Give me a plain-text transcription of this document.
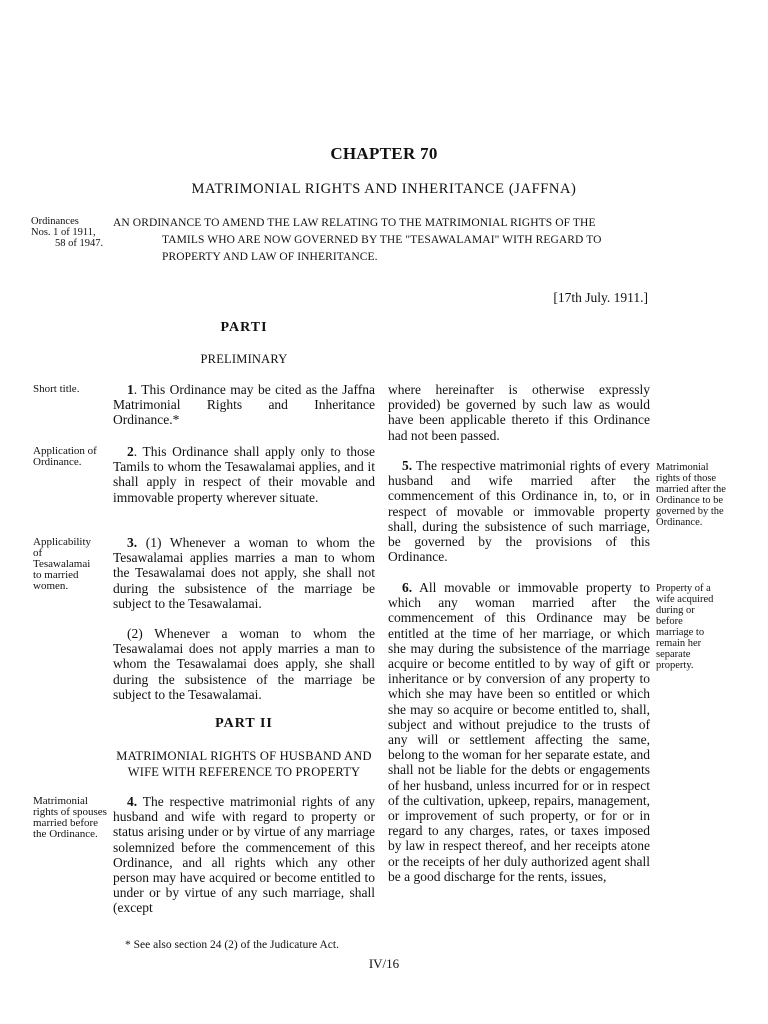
CHAPTER 70
MATRIMONIAL RIGHTS AND INHERITANCE (JAFFNA)
Ordinances
Nos. 1 of 1911,
58 of 1947.
AN ORDINANCE TO AMEND THE LAW RELATING TO THE MATRIMONIAL RIGHTS OF THE
TAMILS WHO ARE NOW GOVERNED BY THE "TESAWALAMAI" WITH REGARD TO
PROPERTY AND LAW OF INHERITANCE.
[17th July. 1911.]
PARTI
PRELIMINARY
Short title.
Application of Ordinance.
Applicability of Tesawalamai to married women.
Matrimonial rights of spouses married before the Ordinance.
Matrimonial rights of those married after the Ordinance to be governed by the Ordinance.
Property of a wife acquired during or before marriage to remain her separate property.
1. This Ordinance may be cited as the Jaffna Matrimonial Rights and Inheritance Ordinance.*
2. This Ordinance shall apply only to those Tamils to whom the Tesawalamai applies, and it shall apply in respect of their movable and immovable property wherever situate.
3. (1) Whenever a woman to whom the Tesawalamai applies marries a man to whom the Tesawalamai does not apply, she shall not during the subsistence of the marriage be subject to the Tesawalamai.
(2) Whenever a woman to whom the Tesawalamai does not apply marries a man to whom the Tesawalamai does apply, she shall during the subsistence of the marriage be subject to the Tesawalamai.
PART II
MATRIMONIAL RIGHTS OF HUSBAND AND WIFE WITH REFERENCE TO PROPERTY
4. The respective matrimonial rights of any husband and wife with regard to property or status arising under or by virtue of any marriage solemnized before the commencement of this Ordinance, and all rights which any other person may have acquired or become entitled to under or by virtue of any such marriage, shall (except
where hereinafter is otherwise expressly provided) be governed by such law as would have been applicable thereto if this Ordinance had not been passed.
5. The respective matrimonial rights of every husband and wife married after the commencement of this Ordinance in, to, or in respect of movable or immovable property shall, during the subsistence of such marriage, be governed by the provisions of this Ordinance.
6. All movable or immovable property to which any woman married after the commencement of this Ordinance may be entitled at the time of her marriage, or which she may during the subsistence of the marriage acquire or become entitled to by way of gift or inheritance or by conversion of any property to which she may have been so entitled or which she may so acquire or become entitled to, shall, subject and without prejudice to the trusts of any will or settlement affecting the same, belong to the woman for her separate estate, and shall not be liable for the debts or engagements of her husband, unless incurred for or in respect of the cultivation, upkeep, repairs, management, or improvement of such property, or for or in regard to any charges, rates, or taxes imposed by law in respect thereof, and her receipts atone or the receipts of her duly authorized agent shall be a good discharge for the rents, issues,
* See also section 24 (2) of the Judicature Act.
IV/16
